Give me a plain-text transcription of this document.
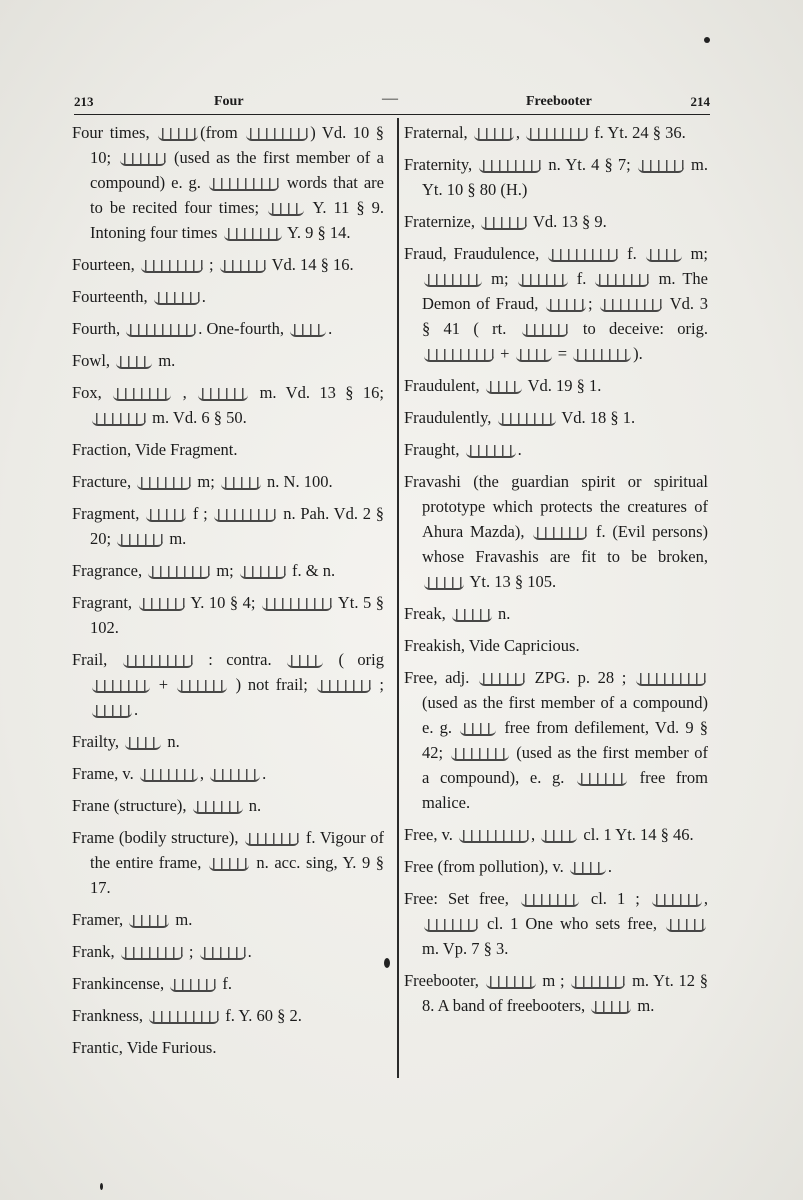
213	Four	—	Freebooter	214

Four times,	(from	) Vd. 10 § 10;	(used as the first member of a compound) e. g.	words that are to be recited four times;  Y. 11 § 9. Intoning four times	Y. 9 § 14.

Fourteen,	;	Vd. 14 § 16.

Fourteenth,	.

Fourth,	. One-fourth, .

Fowl,  m.

Fox,	,	m. Vd. 13 § 16;  m. Vd. 6 § 50.

Fraction, Vide Fragment.

Fracture,	m;	n. N. 100.

Fragment,	f ;	n. Pah. Vd. 2 § 20;	m.

Fragrance,	m;	f. & n.

Fragrant,	Y. 10 § 4;	Yt. 5 § 102.

Frail,	: contra.  ( orig  +	) not frail;	; .

Frailty,  n.

Frame, v.	,	.

Frane (structure),	n.

Frame (bodily structure),	f. Vigour of the entire frame,	n. acc. sing, Y. 9 § 17.

Framer,	m.

Frank,	;	.

Frankincense,	f.

Frankness,	f. Y. 60 § 2.

Frantic, Vide Furious.

Fraternal,	,	f. Yt. 24 § 36.

Fraternity,	n. Yt. 4 § 7;	m. Yt. 10 § 80 (H.)

Fraternize,	Vd. 13 § 9.

Fraud, Fraudulence,	f.  m;  m;	f.	m. The Demon of Fraud,	;	Vd. 3 § 41 ( rt.	to deceive: orig.  +  =	).

Fraudulent,  Vd. 19 § 1.

Fraudulently,	Vd. 18 § 1.

Fraught,	.

Fravashi (the guardian spirit or spiritual prototype which protects the creatures of Ahura Mazda),	f. (Evil persons) whose Fravashis are fit to be broken,  Yt. 13 § 105.

Freak,	n.

Freakish, Vide Capricious.

Free, adj.	ZPG. p. 28 ;  (used as the first member of a compound) e. g.  free from defilement, Vd. 9 § 42;	(used as the first member of a compound), e. g.	free from malice.

Free, v.	,  cl. 1 Yt. 14 § 46.

Free (from pollution), v. .

Free: Set free,	cl. 1 ;	,  cl. 1 One who sets free,  m. Vp. 7 § 3.

Freebooter,	m ;	m. Yt. 12 § 8. A band of freebooters,	m.
